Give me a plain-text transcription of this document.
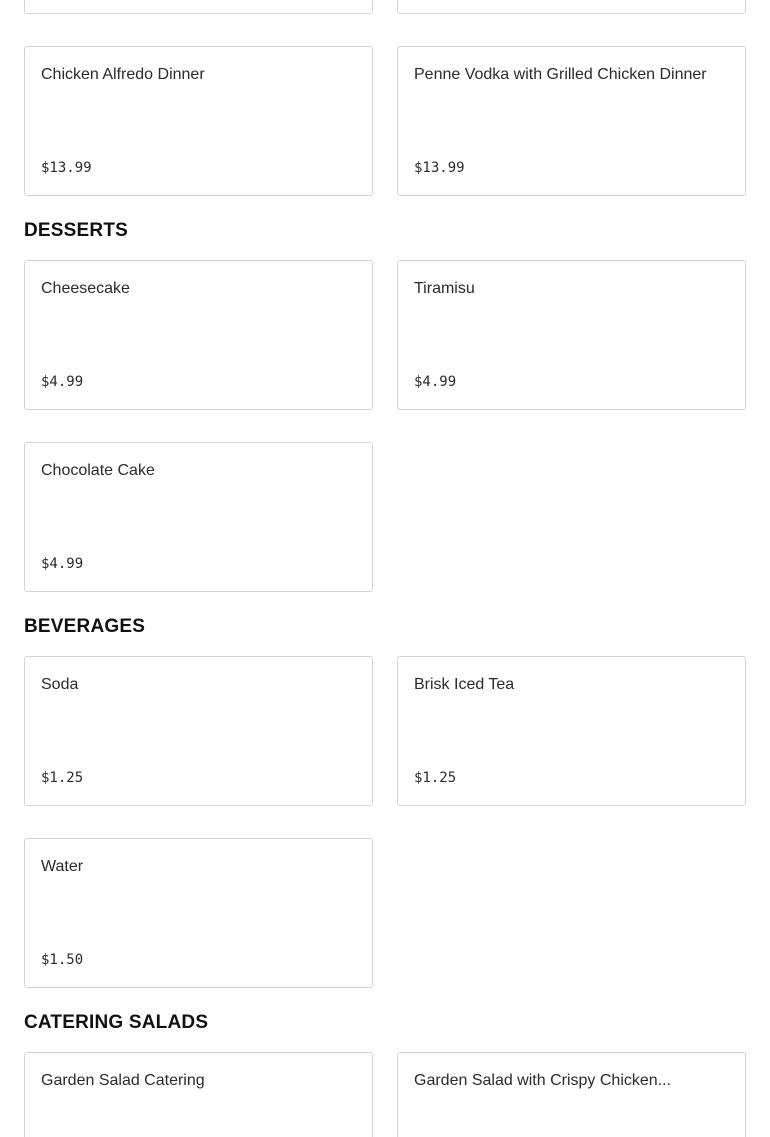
Chicken Alfredo Dinner
$13.99
Penne Vodka with Grilled Chicken Dinner
$13.99
DESSERTS
Cheesecake
$4.99
Tiramisu
$4.99
Chocolate Cake
$4.99
BEVERAGES
Soda
$1.25
Brisk Iced Tea
$1.25
Water
$1.50
CATERING SALADS
Garden Salad Catering	Garden Salad with Crispy Chicken...
